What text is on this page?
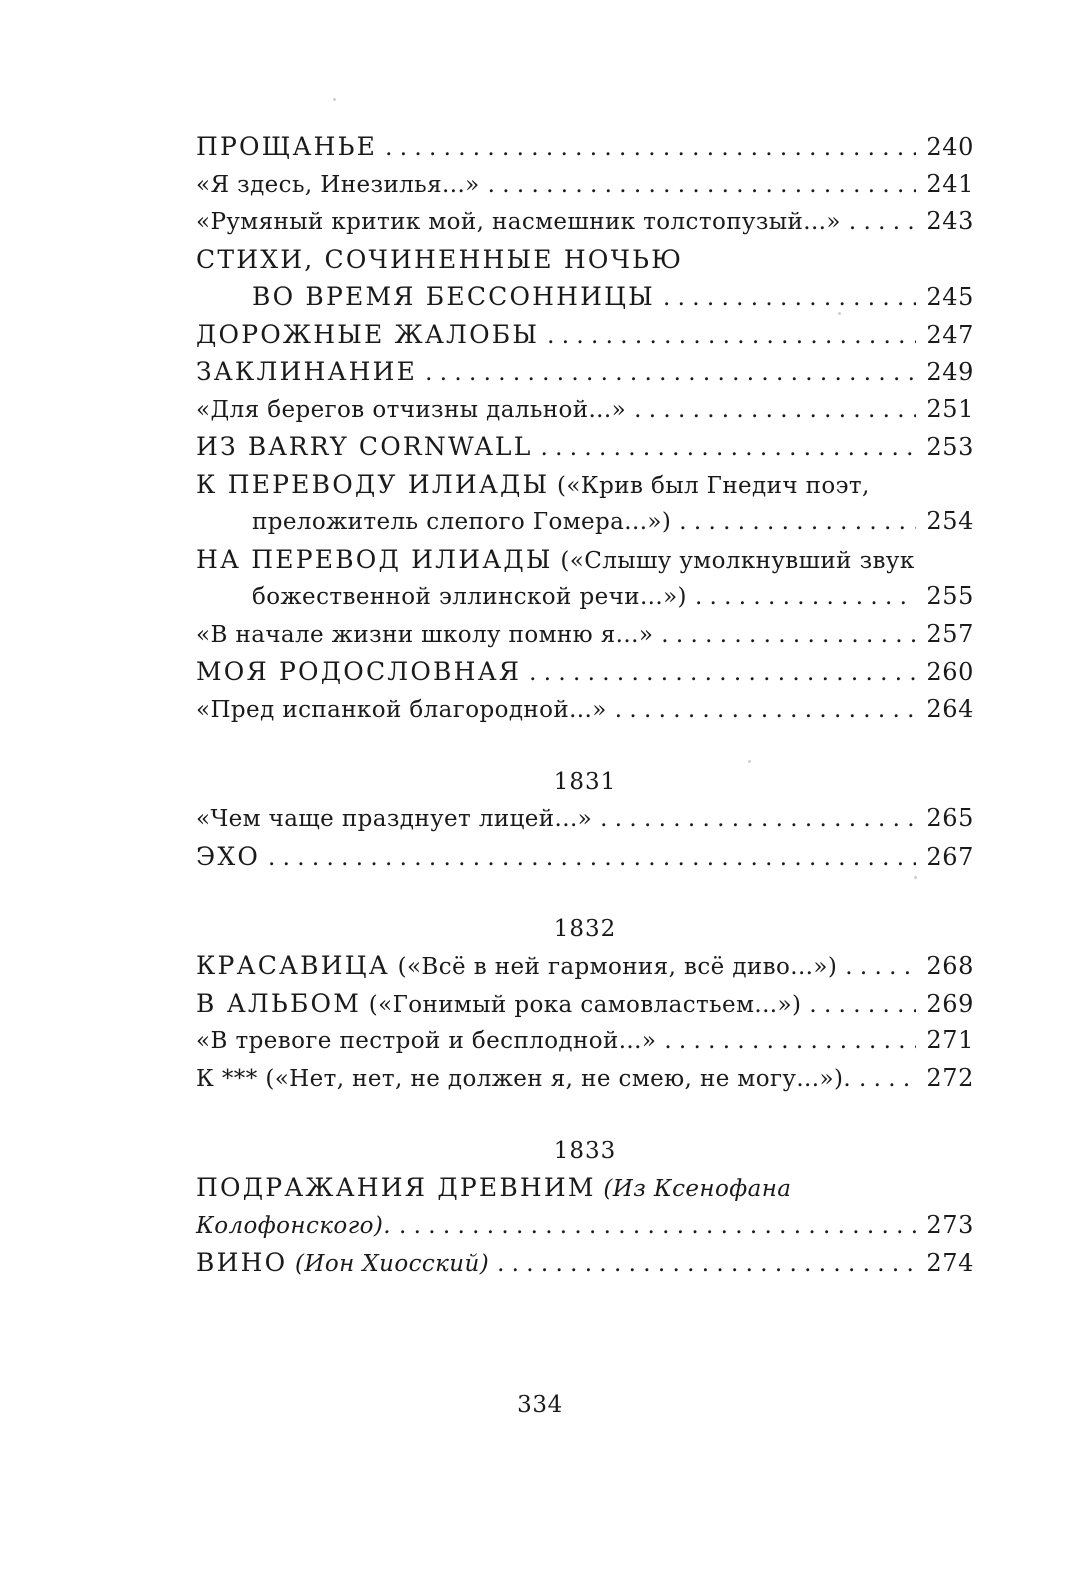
ПРОЩАНЬЕ . . .	240
«Я здесь, Инезилья...» . . .	241
«Румяный критик мой, насмешник толстопузый...» . . .	243
СТИХИ, СОЧИНЕННЫЕ НОЧЬЮ
ВО ВРЕМЯ БЕССОННИЦЫ . . .	245
ДОРОЖНЫЕ ЖАЛОБЫ . . .	247
ЗАКЛИНАНИЕ . . .	249
«Для берегов отчизны дальной...» . . .	251
ИЗ BARRY CORNWALL . . .	253
К ПЕРЕВОДУ ИЛИАДЫ («Крив был Гнедич поэт,
преложитель слепого Гомера...») . . .	254
НА ПЕРЕВОД ИЛИАДЫ («Слышу умолкнувший звук
божественной эллинской речи...») . . .	255
«В начале жизни школу помню я...» . . .	257
МОЯ РОДОСЛОВНАЯ . . .	260
«Пред испанкой благородной...» . . .	264
1831
«Чем чаще празднует лицей...» . . .	265
ЭХО . . .	267
1832
КРАСАВИЦА («Всё в ней гармония, всё диво...») . . .	268
В АЛЬБОМ («Гонимый рока самовластьем...») . . .	269
«В тревоге пестрой и бесплодной...» . . .	271
К *** («Нет, нет, не должен я, не смею, не могу...»). . . .	272
1833
ПОДРАЖАНИЯ ДРЕВНИМ (Из Ксенофана
Колофонского). . . .	273
ВИНО (Ион Хиосский) . . .	274
334
